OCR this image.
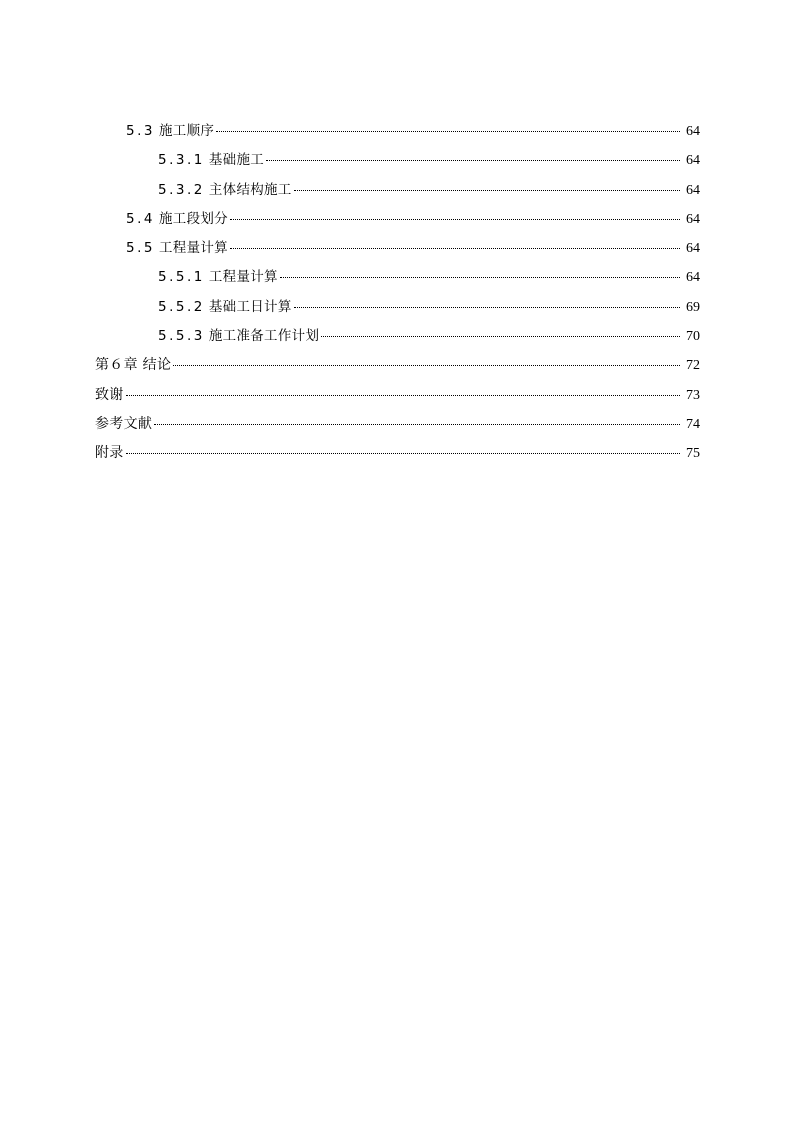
5.3 施工顺序	64
5.3.1 基础施工	64
5.3.2 主体结构施工	64
5.4 施工段划分	64
5.5 工程量计算	64
5.5.1 工程量计算	64
5.5.2 基础工日计算	69
5.5.3 施工准备工作计划	70
第６章 结论	72
致谢	73
参考文献	74
附录	75
